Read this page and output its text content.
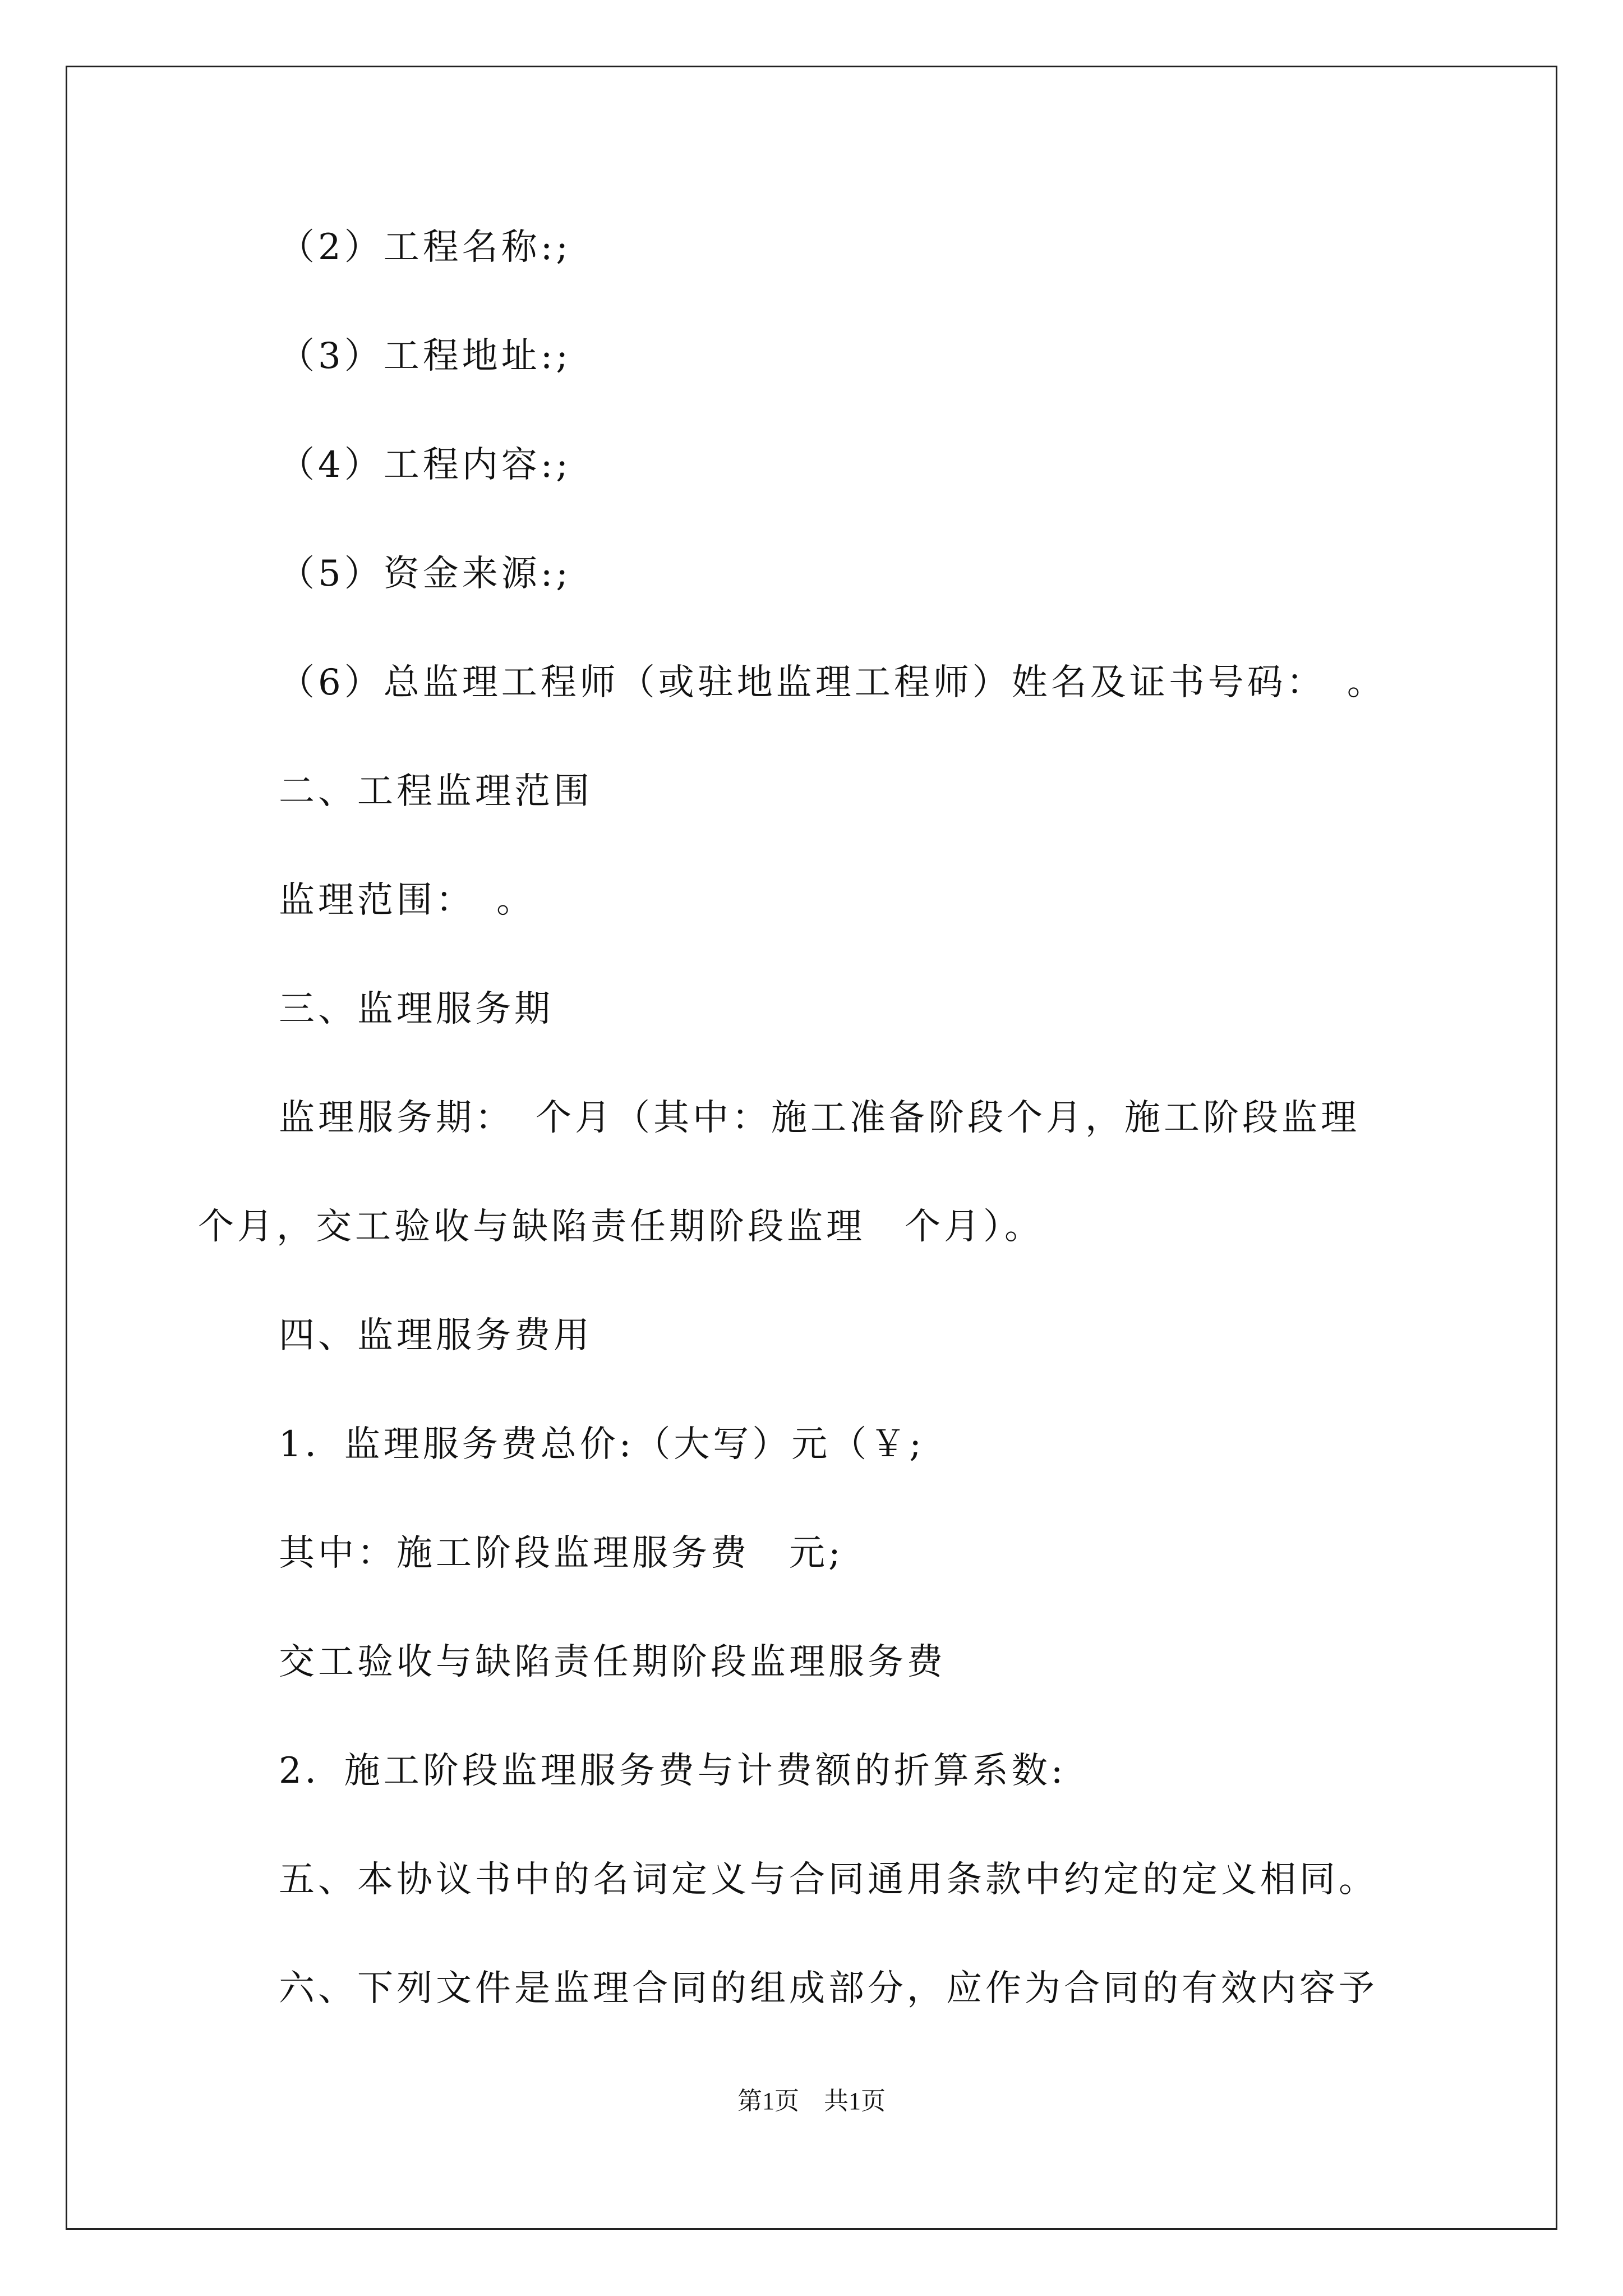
（2）工程名称:;
（3）工程地址:;
（4）工程内容:;
（5）资金来源:;
（6）总监理工程师（或驻地监理工程师）姓名及证书号码：　。
二、工程监理范围
监理范围：　。
三、监理服务期
监理服务期：　个月（其中：施工准备阶段个月，施工阶段监理
个月，交工验收与缺陷责任期阶段监理　个月）。
四、监理服务费用
1．监理服务费总价:（大写）元（￥;
其中：施工阶段监理服务费　元;
交工验收与缺陷责任期阶段监理服务费
2．施工阶段监理服务费与计费额的折算系数:
五、本协议书中的名词定义与合同通用条款中约定的定义相同。
六、下列文件是监理合同的组成部分，应作为合同的有效内容予
第1页　共1页
